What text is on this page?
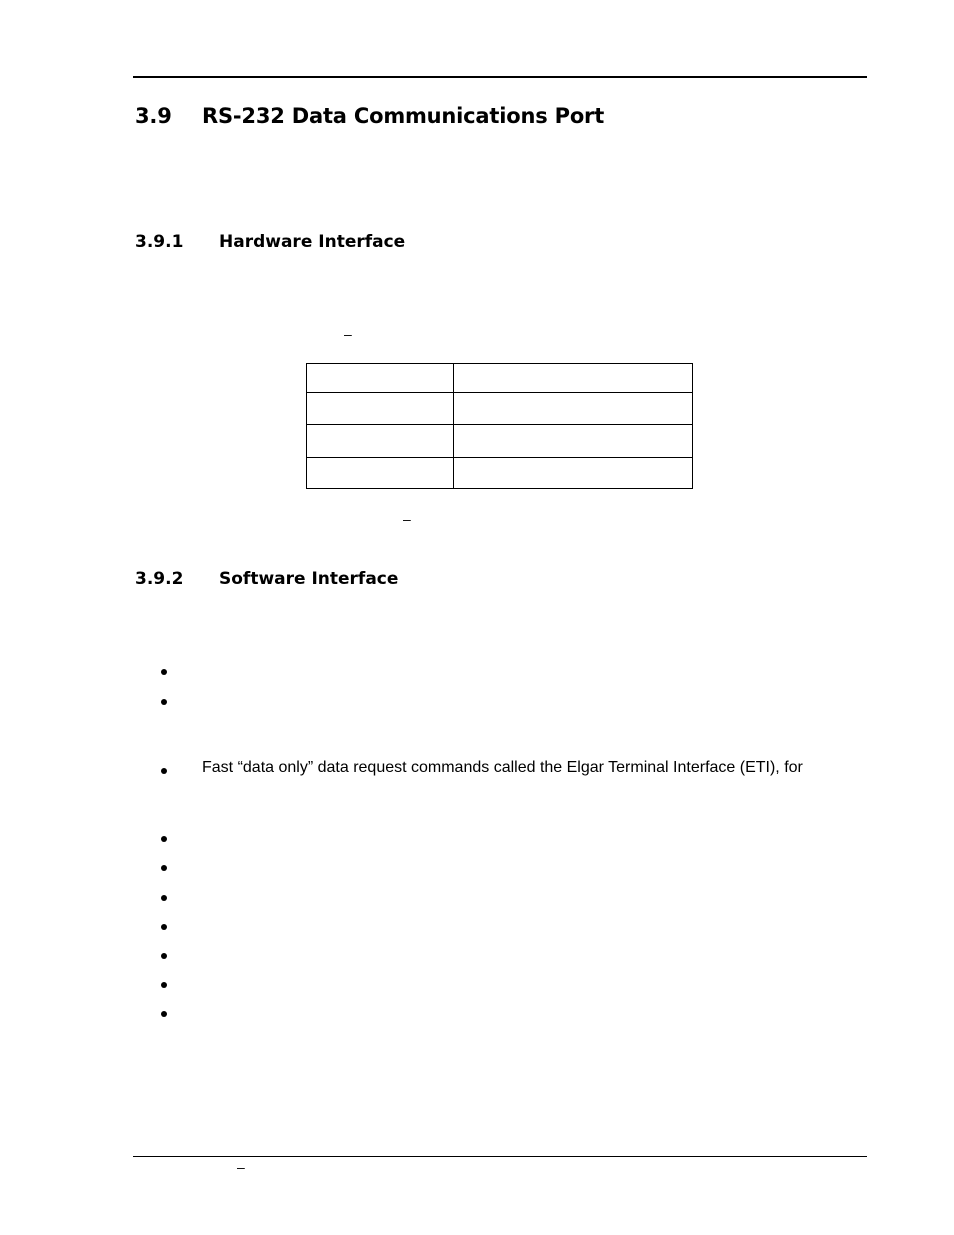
3.9 RS-232 Data Communications Port
3.9.1 Hardware Interface
–

–
3.9.2 Software Interface
Fast “data only” data request commands called the Elgar Terminal Interface (ETI), for
–
